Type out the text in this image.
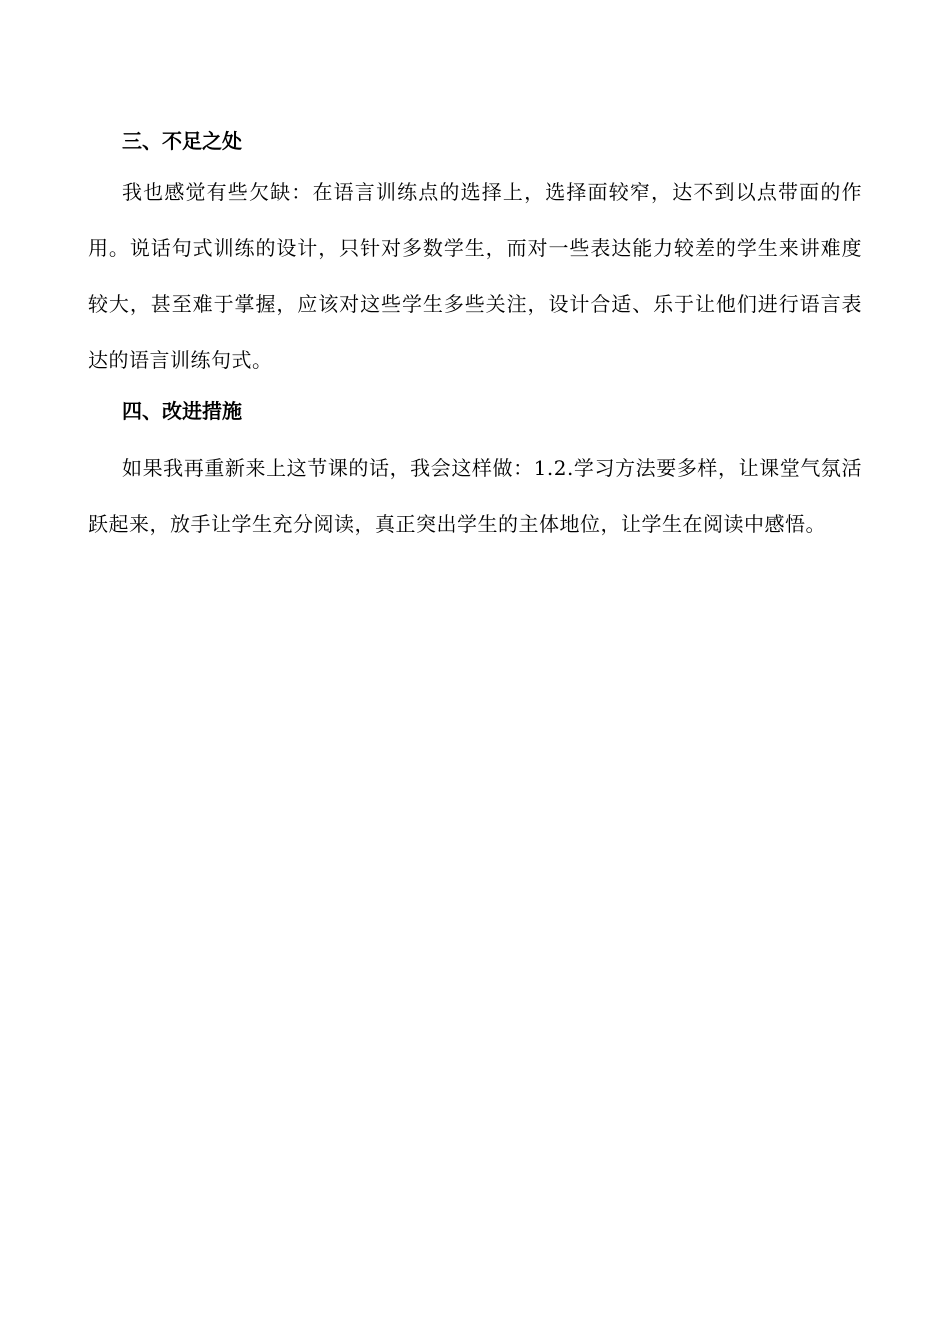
三、不足之处

我也感觉有些欠缺：在语言训练点的选择上，选择面较窄，达不到以点带面的作用。说话句式训练的设计，只针对多数学生，而对一些表达能力较差的学生来讲难度较大，甚至难于掌握，应该对这些学生多些关注，设计合适、乐于让他们进行语言表达的语言训练句式。

四、改进措施

如果我再重新来上这节课的话，我会这样做：1.2.学习方法要多样，让课堂气氛活跃起来，放手让学生充分阅读，真正突出学生的主体地位，让学生在阅读中感悟。
